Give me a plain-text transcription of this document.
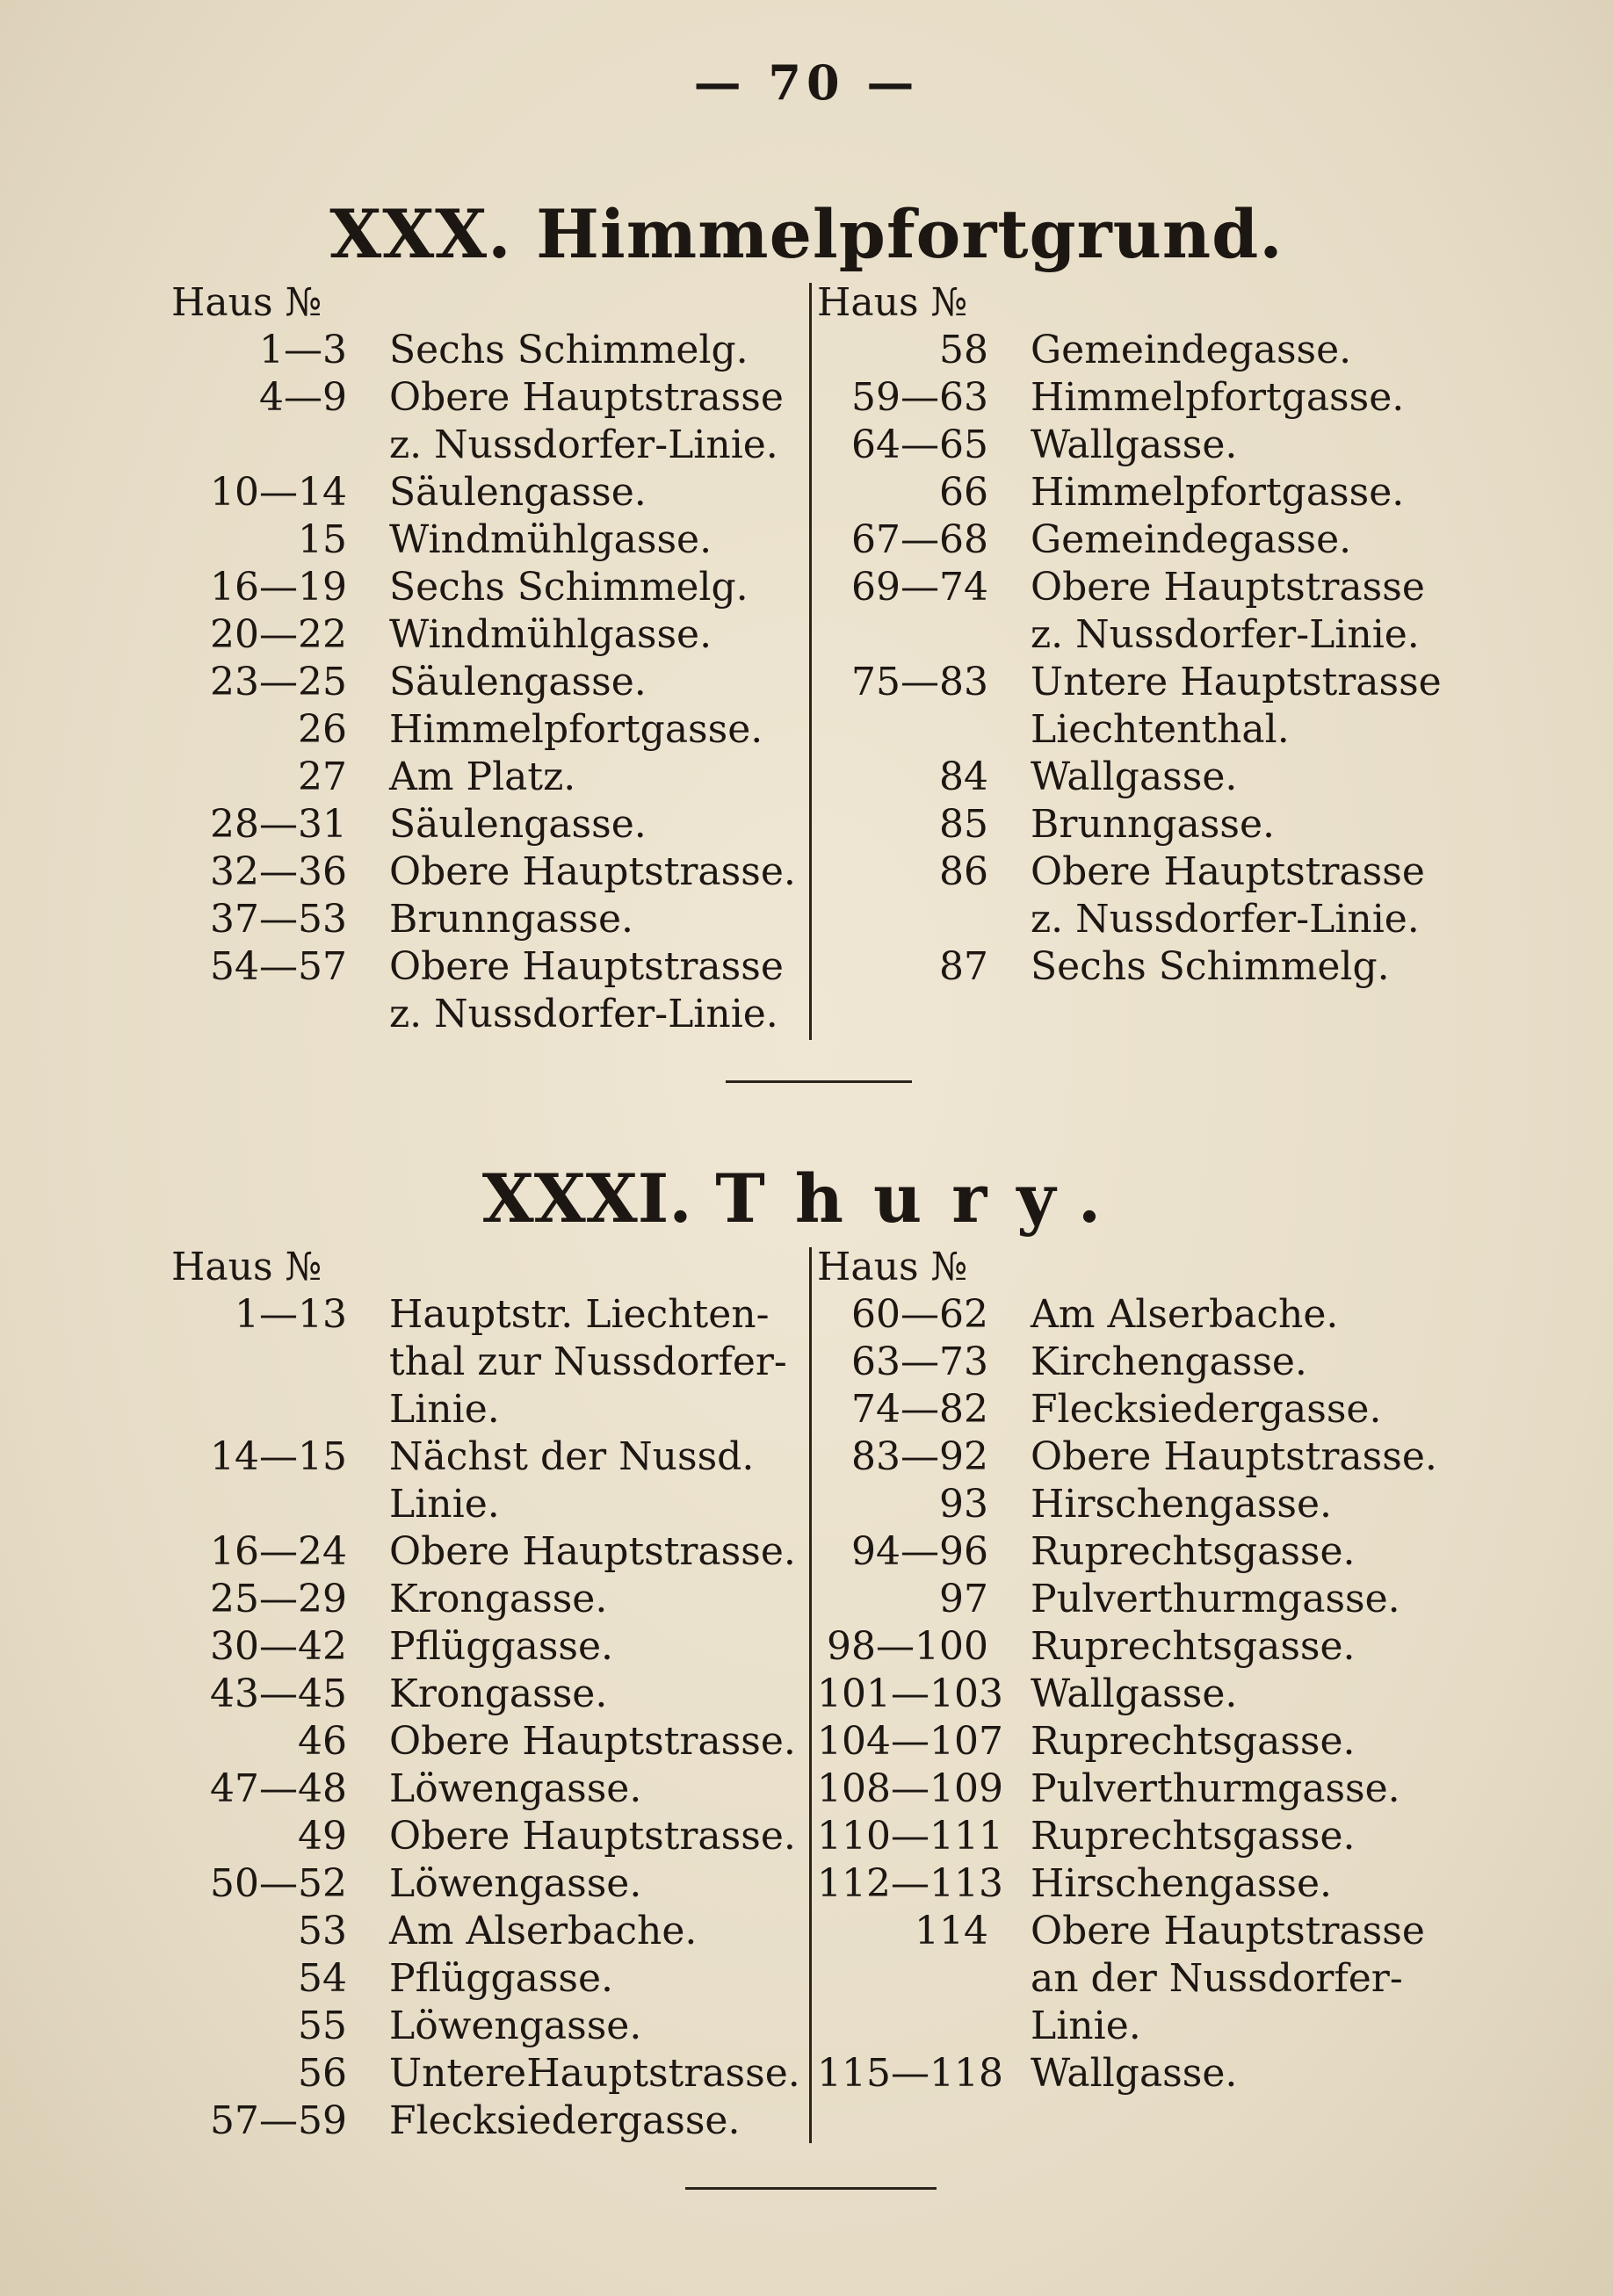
— 70 —
XXX. Himmelpfortgrund.
Haus №
1—3	Sechs Schimmelg.
4—9	Obere Hauptstrasse
z. Nussdorfer-Linie.
10—14	Säulengasse.
15	Windmühlgasse.
16—19	Sechs Schimmelg.
20—22	Windmühlgasse.
23—25	Säulengasse.
26	Himmelpfortgasse.
27	Am Platz.
28—31	Säulengasse.
32—36	Obere Hauptstrasse.
37—53	Brunngasse.
54—57	Obere Hauptstrasse
z. Nussdorfer-Linie.
Haus №
58	Gemeindegasse.
59—63	Himmelpfortgasse.
64—65	Wallgasse.
66	Himmelpfortgasse.
67—68	Gemeindegasse.
69—74	Obere Hauptstrasse
z. Nussdorfer-Linie.
75—83	Untere Hauptstrasse
Liechtenthal.
84	Wallgasse.
85	Brunngasse.
86	Obere Hauptstrasse
z. Nussdorfer-Linie.
87	Sechs Schimmelg.
XXXI. Thury.
Haus №
1—13	Hauptstr. Liechten-
thal zur Nussdorfer-
Linie.
14—15	Nächst der Nussd.
Linie.
16—24	Obere Hauptstrasse.
25—29	Krongasse.
30—42	Pflüggasse.
43—45	Krongasse.
46	Obere Hauptstrasse.
47—48	Löwengasse.
49	Obere Hauptstrasse.
50—52	Löwengasse.
53	Am Alserbache.
54	Pflüggasse.
55	Löwengasse.
56	UntereHauptstrasse.
57—59	Flecksiedergasse.
Haus №
60—62	Am Alserbache.
63—73	Kirchengasse.
74—82	Flecksiedergasse.
83—92	Obere Hauptstrasse.
93	Hirschengasse.
94—96	Ruprechtsgasse.
97	Pulverthurmgasse.
98—100	Ruprechtsgasse.
101—103 Wallgasse.
104—107 Ruprechtsgasse.
108—109 Pulverthurmgasse.
110—111 Ruprechtsgasse.
112—113 Hirschengasse.
114	Obere Hauptstrasse
an der Nussdorfer-
Linie.
115—118 Wallgasse.
